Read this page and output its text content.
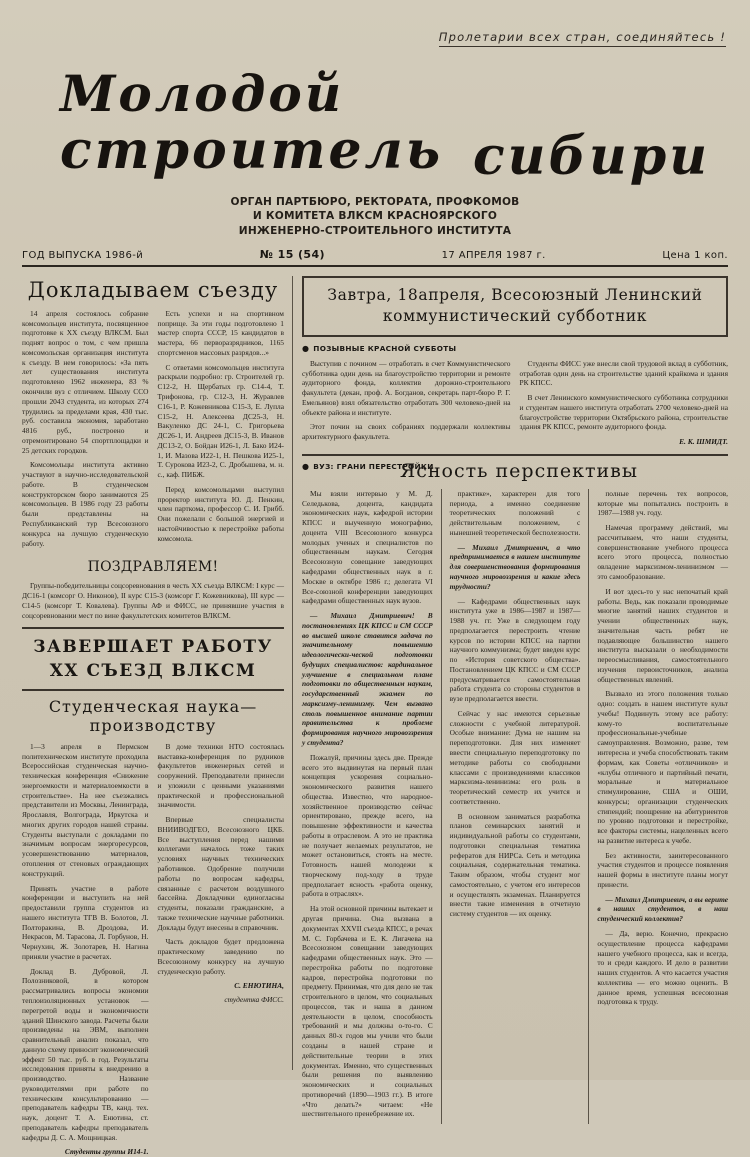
Пролетарии всех стран, соединяйтесь !
Молодой
строитель сибири
ОРГАН ПАРТБЮРО, РЕКТОРАТА, ПРОФКОМОВ
И КОМИТЕТА ВЛКСМ КРАСНОЯРСКОГО
ИНЖЕНЕРНО-СТРОИТЕЛЬНОГО ИНСТИТУТА
ГОД ВЫПУСКА 1986-й	№ 15 (54)	17 АПРЕЛЯ 1987 г.	Цена 1 коп.
Докладываем съезду

14 апреля состоялось собрание комсомольцев института, посвященное подготовке к XX съезду ВЛКСМ. Был поднят вопрос о том, с чем пришла комсомольская организация института к съезду. В нем говорилось: «За пять лет существования института подготовлено 1962 инженера, 83 % окончили вуз с отличием. Школу ССО прошли 2043 студента, из которых 274 трудились за пределами края, 430 тыс. руб. составила экономия, заработано 4816 руб., построено и отремонтировано 54 спортплощадки и 25 детских городков.

Комсомольцы института активно участвуют в научно-исследовательской работе. В студенческом конструкторском бюро занимаются 25 комсомольцев. В 1986 году 23 работы были представлены на Республиканский тур Всесоюзного конкурса на лучшую студенческую работу.

Есть успехи и на спортивном поприще. За эти годы подготовлено 1 мастер спорта СССР, 15 кандидатов в мастера, 66 перворазрядников, 1165 спортсменов массовых разрядов...»

С ответами комсомольцев института раскрыли подробно: гр. Строителей гр. С12-2, Н. Щербатых гр. С14-4, Т. Трифонова, гр. С12-3, Н. Журавлев С16-1, Р. Кожевникова С15-3, Е. Лупла С15-2, Н. Алексеева ДС25-3, Н. Вакуленко ДС 24-1, С. Григорьева ДС26-1, И. Андреев ДС15-3, В. Иванов ДС13-2, О. Бойдан И26-1, Л. Бако И24-1, И. Мазова И22-1, Н. Пешкова И25-1, Т. Сурокова И23-2, С. Дробышева, м. н. с., каф. ПИБЖ.

Перед комсомольцами выступил проректор института Ю. Д. Пенкин, член парткома, профессор С. И. Грибб. Они пожелали с большой энергией и настойчивостью к перестройке работы комсомола.

ПОЗДРАВЛЯЕМ!

Группы-победительницы соцсоревнования в честь XX съезда ВЛКСМ: I курс — ДС16-1 (комсорг О. Никонов), II курс С15-3 (комсорг Г. Кожевникова), III курс — С14-5 (комсорг Т. Ковалева). Группы АФ и ФИСС, не принявшие участия в соцсоревновании мест по вине факультетских комитетов ВЛКСМ.

ЗАВЕРШАЕТ РАБОТУ
XX СЪЕЗД ВЛКСМ
Студенческая наука—производству

1—3 апреля в Пермском политехническом институте проходила Всероссийская студенческая научно-техническая конференция «Снижение энергоемкости и материалоемкости в строительстве». На нее съезжались представители из Москвы, Ленинграда, Ярославля, Волгограда, Иркутска и многих других городов нашей страны. Студенты выступали с докладами по значимым вопросам энергоресурсов, усовершенствованию материалов, отопления от стеновых ограждающих конструкций.

Принять участие в работе конференции и выступить на ней предоставили группа студентов из нашего института ТГВ В. Болотов, Л. Полторакина, В. Дроздова, И. Некрасов, М. Тарасова, Л. Горбунов, Н. Чернухин, Ж. Золотарев, Н. Нагина приняли участие в расчетах.

Доклад В. Дубровой, Л. Полозниковой, в котором рассматривались вопросы экономии теплоизоляционных установок — перегретой воды и экономичности зданий Шинского завода. Расчеты были произведены на ЭВМ, выполнен сравнительный анализ показал, что данную схему приносит экономический эффект 50 тыс. руб. в год. Результаты исследования приняты к внедрению в производство. Название руководителями при работе по техническим консультированию — преподаватель кафедры ТВ, канд. тех. наук, доцент Т. А. Енютина, ст. преподаватель кафедры преподаватель кафедры Д. С. А. Мощницкая.

Студенты группы И14-1.

В доме техники НТО состоялась выставка-конференция по рудников факультетов инженерных сетей и сооружений. Преподаватели принесли и уложили с ценными указаниями практической и профессиональной значимости.

Впервые специалисты ВНИИВОДГЕО, Всесоюзного ЦКБ. Все выступления перед нашими коллегами началось тоже таких условиях научных технических работников. Одобрение получили работы по вопросам кафедры, связанные с расчетом воздушного бассейна. Докладчики единогласны студенты, показали гражданские, а также технические научные работники. Доклады будут внесены в справочник.

Часть докладов будет предложена практическому заведению по Всесоюзному конкурсу на лучшую студенческую работу.

С. ЕНЮТИНА,
студентка ФИСС.
Завтра, 18апреля, Всесоюзный Ленинский
коммунистический субботник
● ПОЗЫВНЫЕ КРАСНОЙ СУББОТЫ

Выступив с почином — отработать в счет Коммунистического субботника один день на благоустройство территории и ремонте аудиторного фонда, коллектив дорожно-строительного факультета (декан, проф. А. Богданов, секретарь парт-бюро Р. Г. Емельянов) взял обязательство отработать 300 человеко-дней на объекте района и институте.

Этот почин на своих собраниях поддержали коллективы архитектурного факультета.

Студенты ФИСС уже внесли свой трудовой вклад в субботник, отработав один день на строительстве зданий крайкома и здания РК КПСС.

В счет Ленинского коммунистического субботника сотрудники и студентам нашего института отработать 2700 человеко-дней на благоустройстве территории Октябрьского района, строительстве здания РК КПСС, ремонте аудиторного фонда.

Е. К. ШМИДТ.
● ВУЗ: ГРАНИ ПЕРЕСТРОЙКИ
Ясность перспективы

Мы взяли интервью у М. Д. Селедькова, доцента, кандидата экономических наук, кафедрой истории КПСС и выученную монографию, доцента VIII Всесоюзного конкурса молодых ученых и специалистов по общественным наукам. Сегодня Всесоюзную совещание заведующих кафедрами общественных наук в г. Москве в октябре 1986 г.; делегата VI Все-союзной конференции заведующих кафедрами общественных наук вузов.

— Михаил Дмитриевич! В постановлениях ЦК КПСС и СМ СССР во высшей школе ставится задача по значительному повышению идеологически-ческой подготовки будущих специалистов: кардинальное улучшение в специальном плане подготовки по общественным наукам, государственный экзамен по марксизму-ленинизму. Чем вызвано столь повышенное внимание партии правительства к проблеме формирования научного мировоззрения у студента?

Пожалуй, причины здесь две. Прежде всего это выдвинутая на первый план концепция ускорения социально-экономического развития нашего общества. Известно, что народное-хозяйственное производство сейчас ориентировано, прежде всего, на повышение эффективности и качества работы в отраслевом. А это не практика не получает желаемых результатов, не может остановиться, стоять на месте. Готовность нашей молодежи к творческому под-ходу в труде предполагает ясность «работа оценку, работа в отраслях».

На этой основной причины вытекает и другая причина. Она вызвана в документах XXVII съезда КПСС, в речах М. С. Горбачева и Е. К. Лигачева на Всесоюзном совещании заведующих кафедрами общественных наук. Это — перестройка работы по подготовке кадров, перестройка подготовки по предмету. Принимая, что для дело не так строительного в целом, что социальных процессов, так и наша в данном деятельности в целом, способность требований и мы должны о-то-го. С данных 80-х годов мы учили что были созданы в нашей стране и действительные теории в этих документах. Именно, что существенных были решения по выявлению экономических и социальных противоречий (1890—1903 гг.). В итоге «Что делать?» читаем: «Не шествительного пренебрежение их.

практике», характерен для того периода, а именно соединение теоретических положений с действительным положением, с нынешней теоретической бесполезности.

— Михаил Дмитриевич, а что предпринимается в нашем институте для совершенствования формирования научного мировоззрения и какие здесь трудности?

— Кафедрами общественных наук института уже в 1986—1987 и 1987—1988 уч. гг. Уже в следующем году предполагается перестроить чтение курсов по истории КПСС на партии научного коммунизма; будет введен курс по «История советского общества». Постановлением ЦК КПСС и СМ СССР предусматривается самостоятельная работа студента со стороны студентов в вузе предполагается ввести.

Сейчас у нас имеются серьезные сложности с учебной литературой. Особые внимание: Дума не нашим на переподготовки. Для них изменяет ввести специальную переподготовку по методике работы со свободными классами с произведениями классиков марксизма-ленинизма: его роль в теоретический семестр их учится и соответственно.

В основном заниматься разработка планов семинарских занятий и индивидуальной работы со студентами, подготовки специальная тематика рефератов для НИРСа. Сеть и методика социальная, содержательная тематика. Таким образом, чтобы студент мог самостоятельно, с учетом его интересов и осуществлять экзаменах. Планируется внести такие изменения в отчетную систему студентов — их оценку.

полные перечень тех вопросов, которые мы попытались построить в 1987—1988 уч. году.

Намечая программу действий, мы рассчитываем, что наши студенты, совершенствование учебного процесса всего этого процесса, полностью овладение марксизмом-ленинизмом — это самообразование.

И вот здесь-то у нас непочатый край работы. Ведь, как показали проводимые многие занятий наших студентов и учении общественных наук, значительная часть ребят не подавляющее большинство нашего института высказали о необходимости переосмысливания, самостоятельного изучения первоисточников, анализа общественных явлений.

Вызвало из этого положения только одно: создать в нашем институте культ учебы! Подвинуть этому все работу: кому-то воспитательные профессиональные-учебные самоуправления. Возможно, разве, тем интересна и учеба способствовать таким формам, как Советы «отличников» и «клубы отличного и партийный печати, моральные и материальное стимулирование, США и ОШИ, конкурсы; организации студенческих стипендий; поощрение на абитуриентов по уровню подготовки и перестройке, все факторы системы, нацеленных всего на развитие интереса к учебе.

Без активности, заинтересованного участия студентов и процессе появления нашей формы в институте планы могут принести.

— Михаил Дмитриевич, а вы верите в наших студентов, в наш студенческий коллектив?

— Да, верю. Конечно, прекрасно осуществление процесса кафедрами нашего учебного процесса, как и всегда, то и среди каждого. И дело в развитии наших студентов. А что касается участия коллектива — его можно оценить. В данное время, успешная всесоюзная подготовка к труду.
